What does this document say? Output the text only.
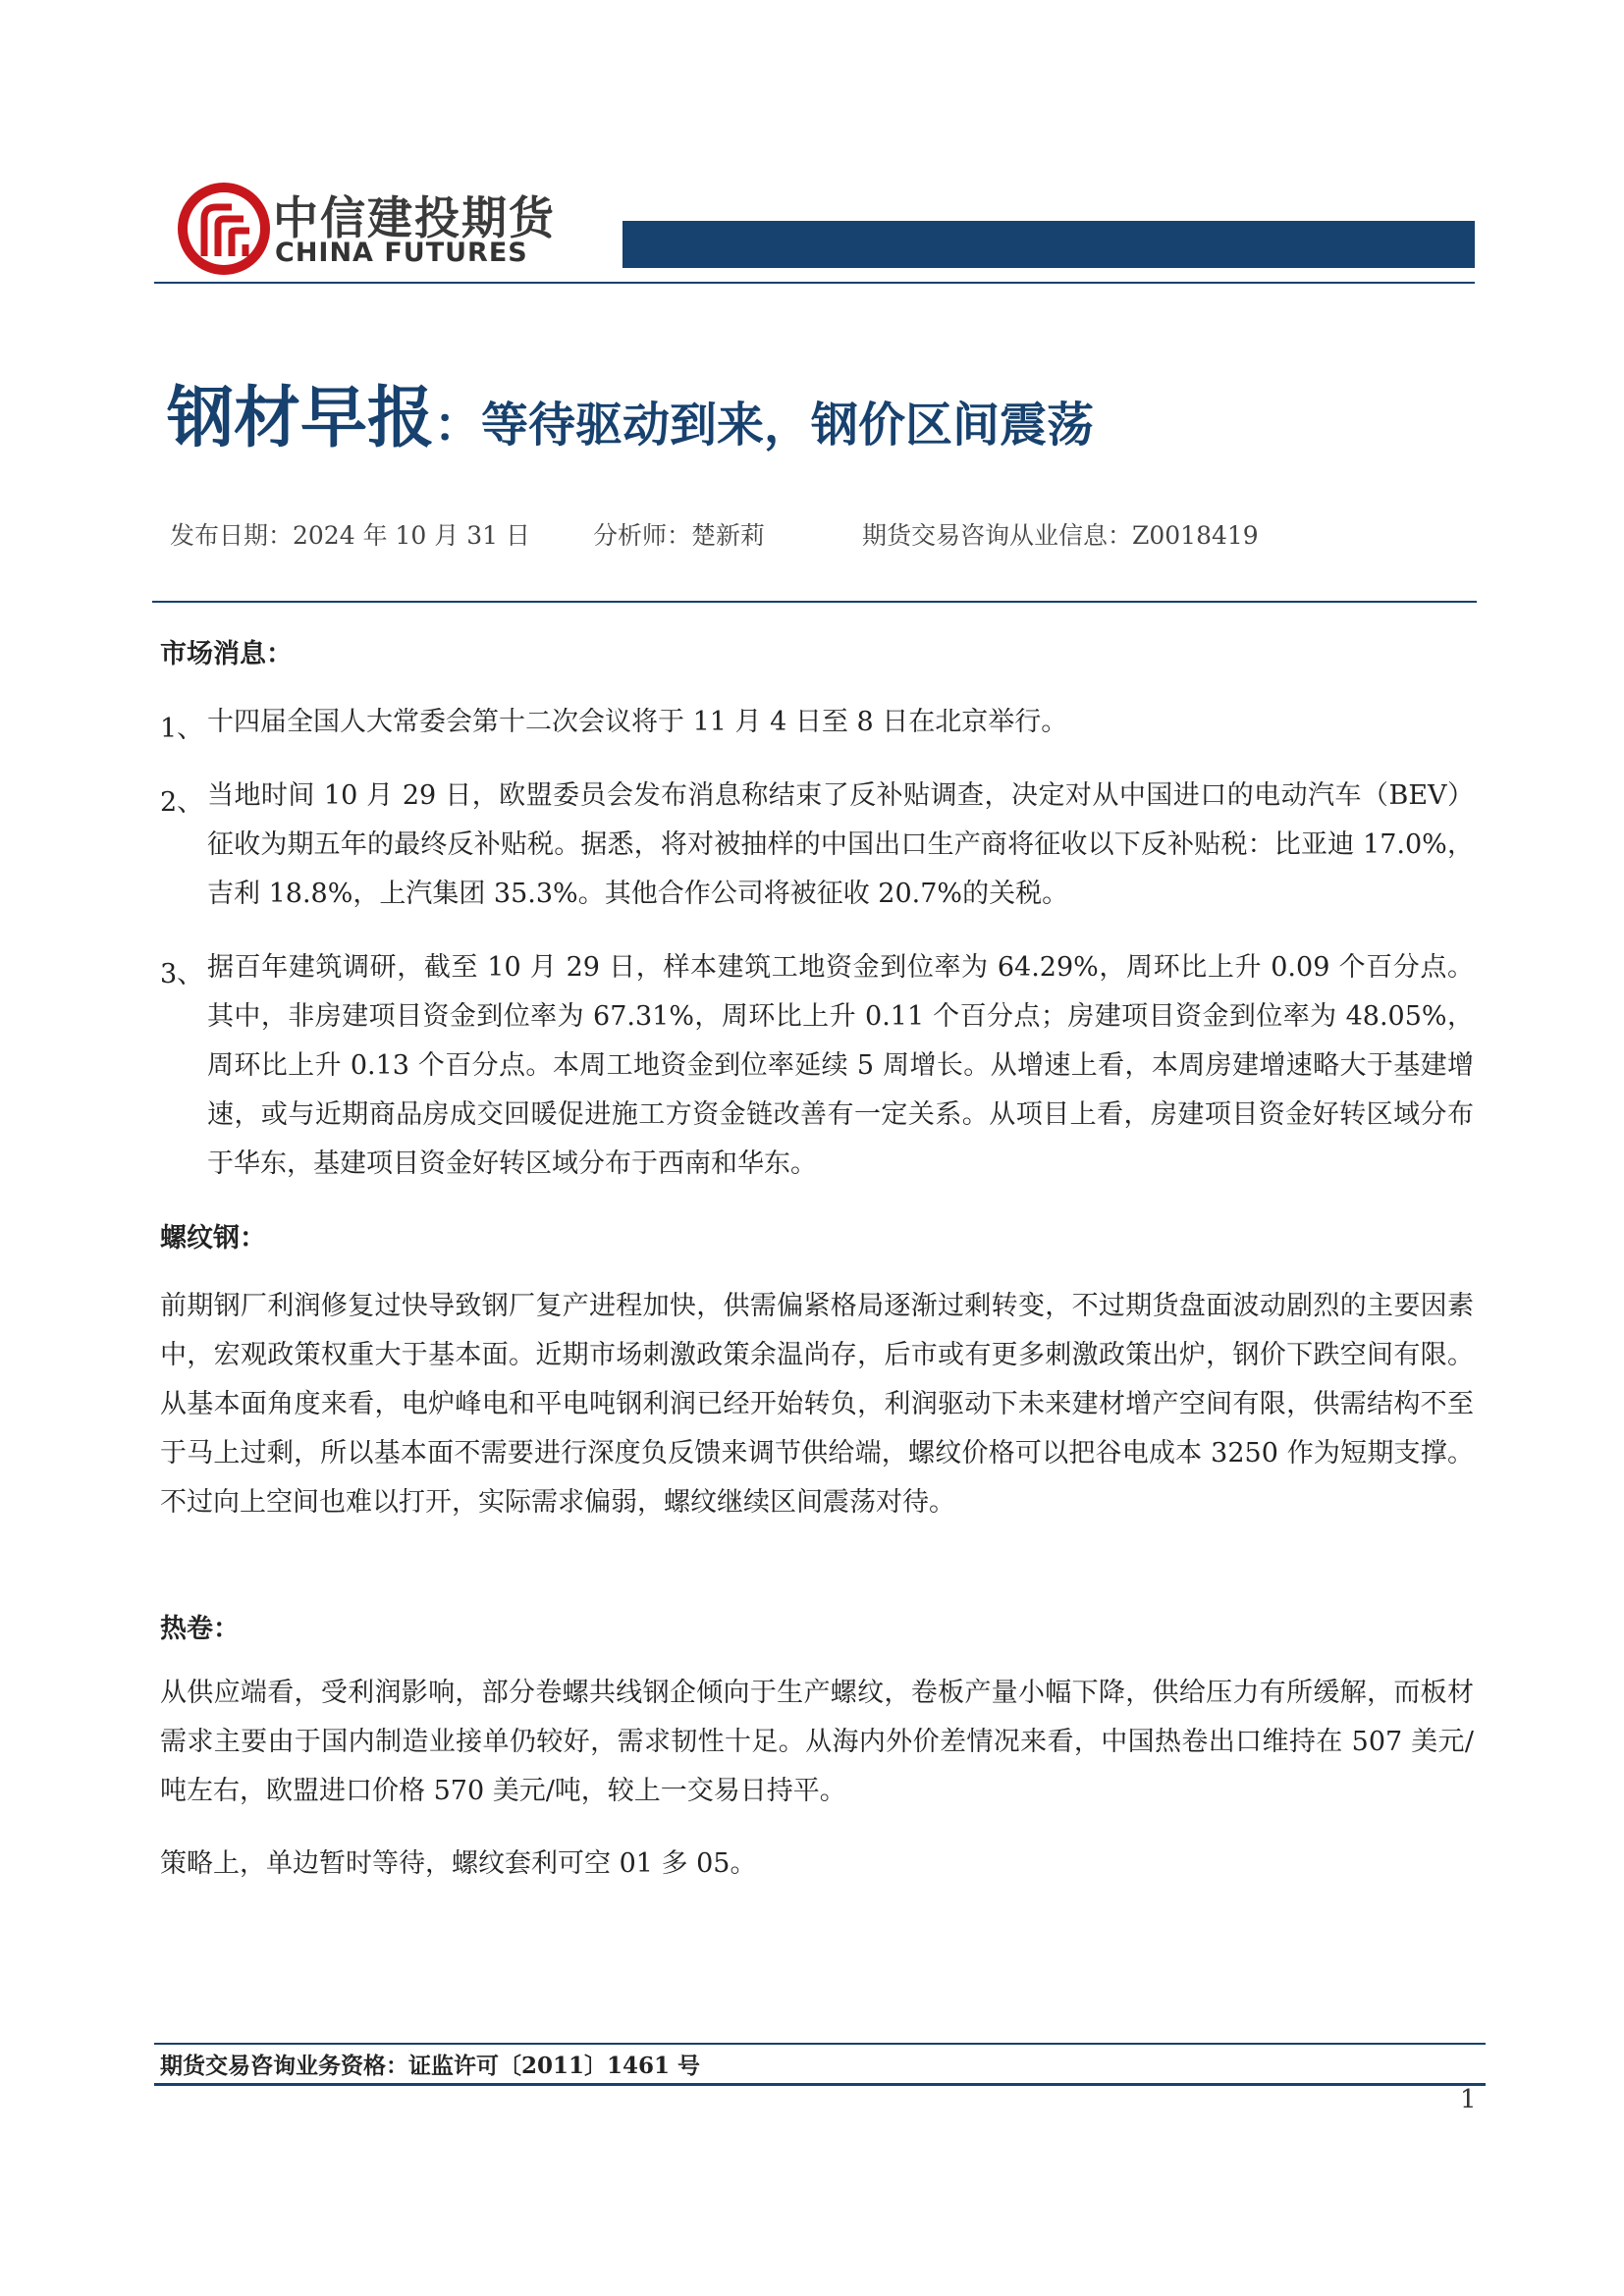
中信建投期货
CHINA FUTURES
钢材早报：等待驱动到来，钢价区间震荡
发布日期：2024 年 10 月 31 日	分析师：楚新莉	期货交易咨询从业信息：Z0018419
市场消息：
1、 十四届全国人大常委会第十二次会议将于 11 月 4 日至 8 日在北京举行。
2、 当地时间 10 月 29 日，欧盟委员会发布消息称结束了反补贴调查，决定对从中国进口的电动汽车（BEV）征收为期五年的最终反补贴税。据悉，将对被抽样的中国出口生产商将征收以下反补贴税：比亚迪 17.0%，吉利 18.8%，上汽集团 35.3%。其他合作公司将被征收 20.7%的关税。
3、 据百年建筑调研，截至 10 月 29 日，样本建筑工地资金到位率为 64.29%，周环比上升 0.09 个百分点。其中，非房建项目资金到位率为 67.31%，周环比上升 0.11 个百分点；房建项目资金到位率为 48.05%，周环比上升 0.13 个百分点。本周工地资金到位率延续 5 周增长。从增速上看，本周房建增速略大于基建增速，或与近期商品房成交回暖促进施工方资金链改善有一定关系。从项目上看，房建项目资金好转区域分布于华东，基建项目资金好转区域分布于西南和华东。
螺纹钢：
前期钢厂利润修复过快导致钢厂复产进程加快，供需偏紧格局逐渐过剩转变，不过期货盘面波动剧烈的主要因素中，宏观政策权重大于基本面。近期市场刺激政策余温尚存，后市或有更多刺激政策出炉，钢价下跌空间有限。从基本面角度来看，电炉峰电和平电吨钢利润已经开始转负，利润驱动下未来建材增产空间有限，供需结构不至于马上过剩，所以基本面不需要进行深度负反馈来调节供给端，螺纹价格可以把谷电成本 3250 作为短期支撑。不过向上空间也难以打开，实际需求偏弱，螺纹继续区间震荡对待。
热卷：
从供应端看，受利润影响，部分卷螺共线钢企倾向于生产螺纹，卷板产量小幅下降，供给压力有所缓解，而板材需求主要由于国内制造业接单仍较好，需求韧性十足。从海内外价差情况来看，中国热卷出口维持在 507 美元/吨左右，欧盟进口价格 570 美元/吨，较上一交易日持平。
策略上，单边暂时等待，螺纹套利可空 01 多 05。
期货交易咨询业务资格：证监许可〔2011〕1461 号
1
